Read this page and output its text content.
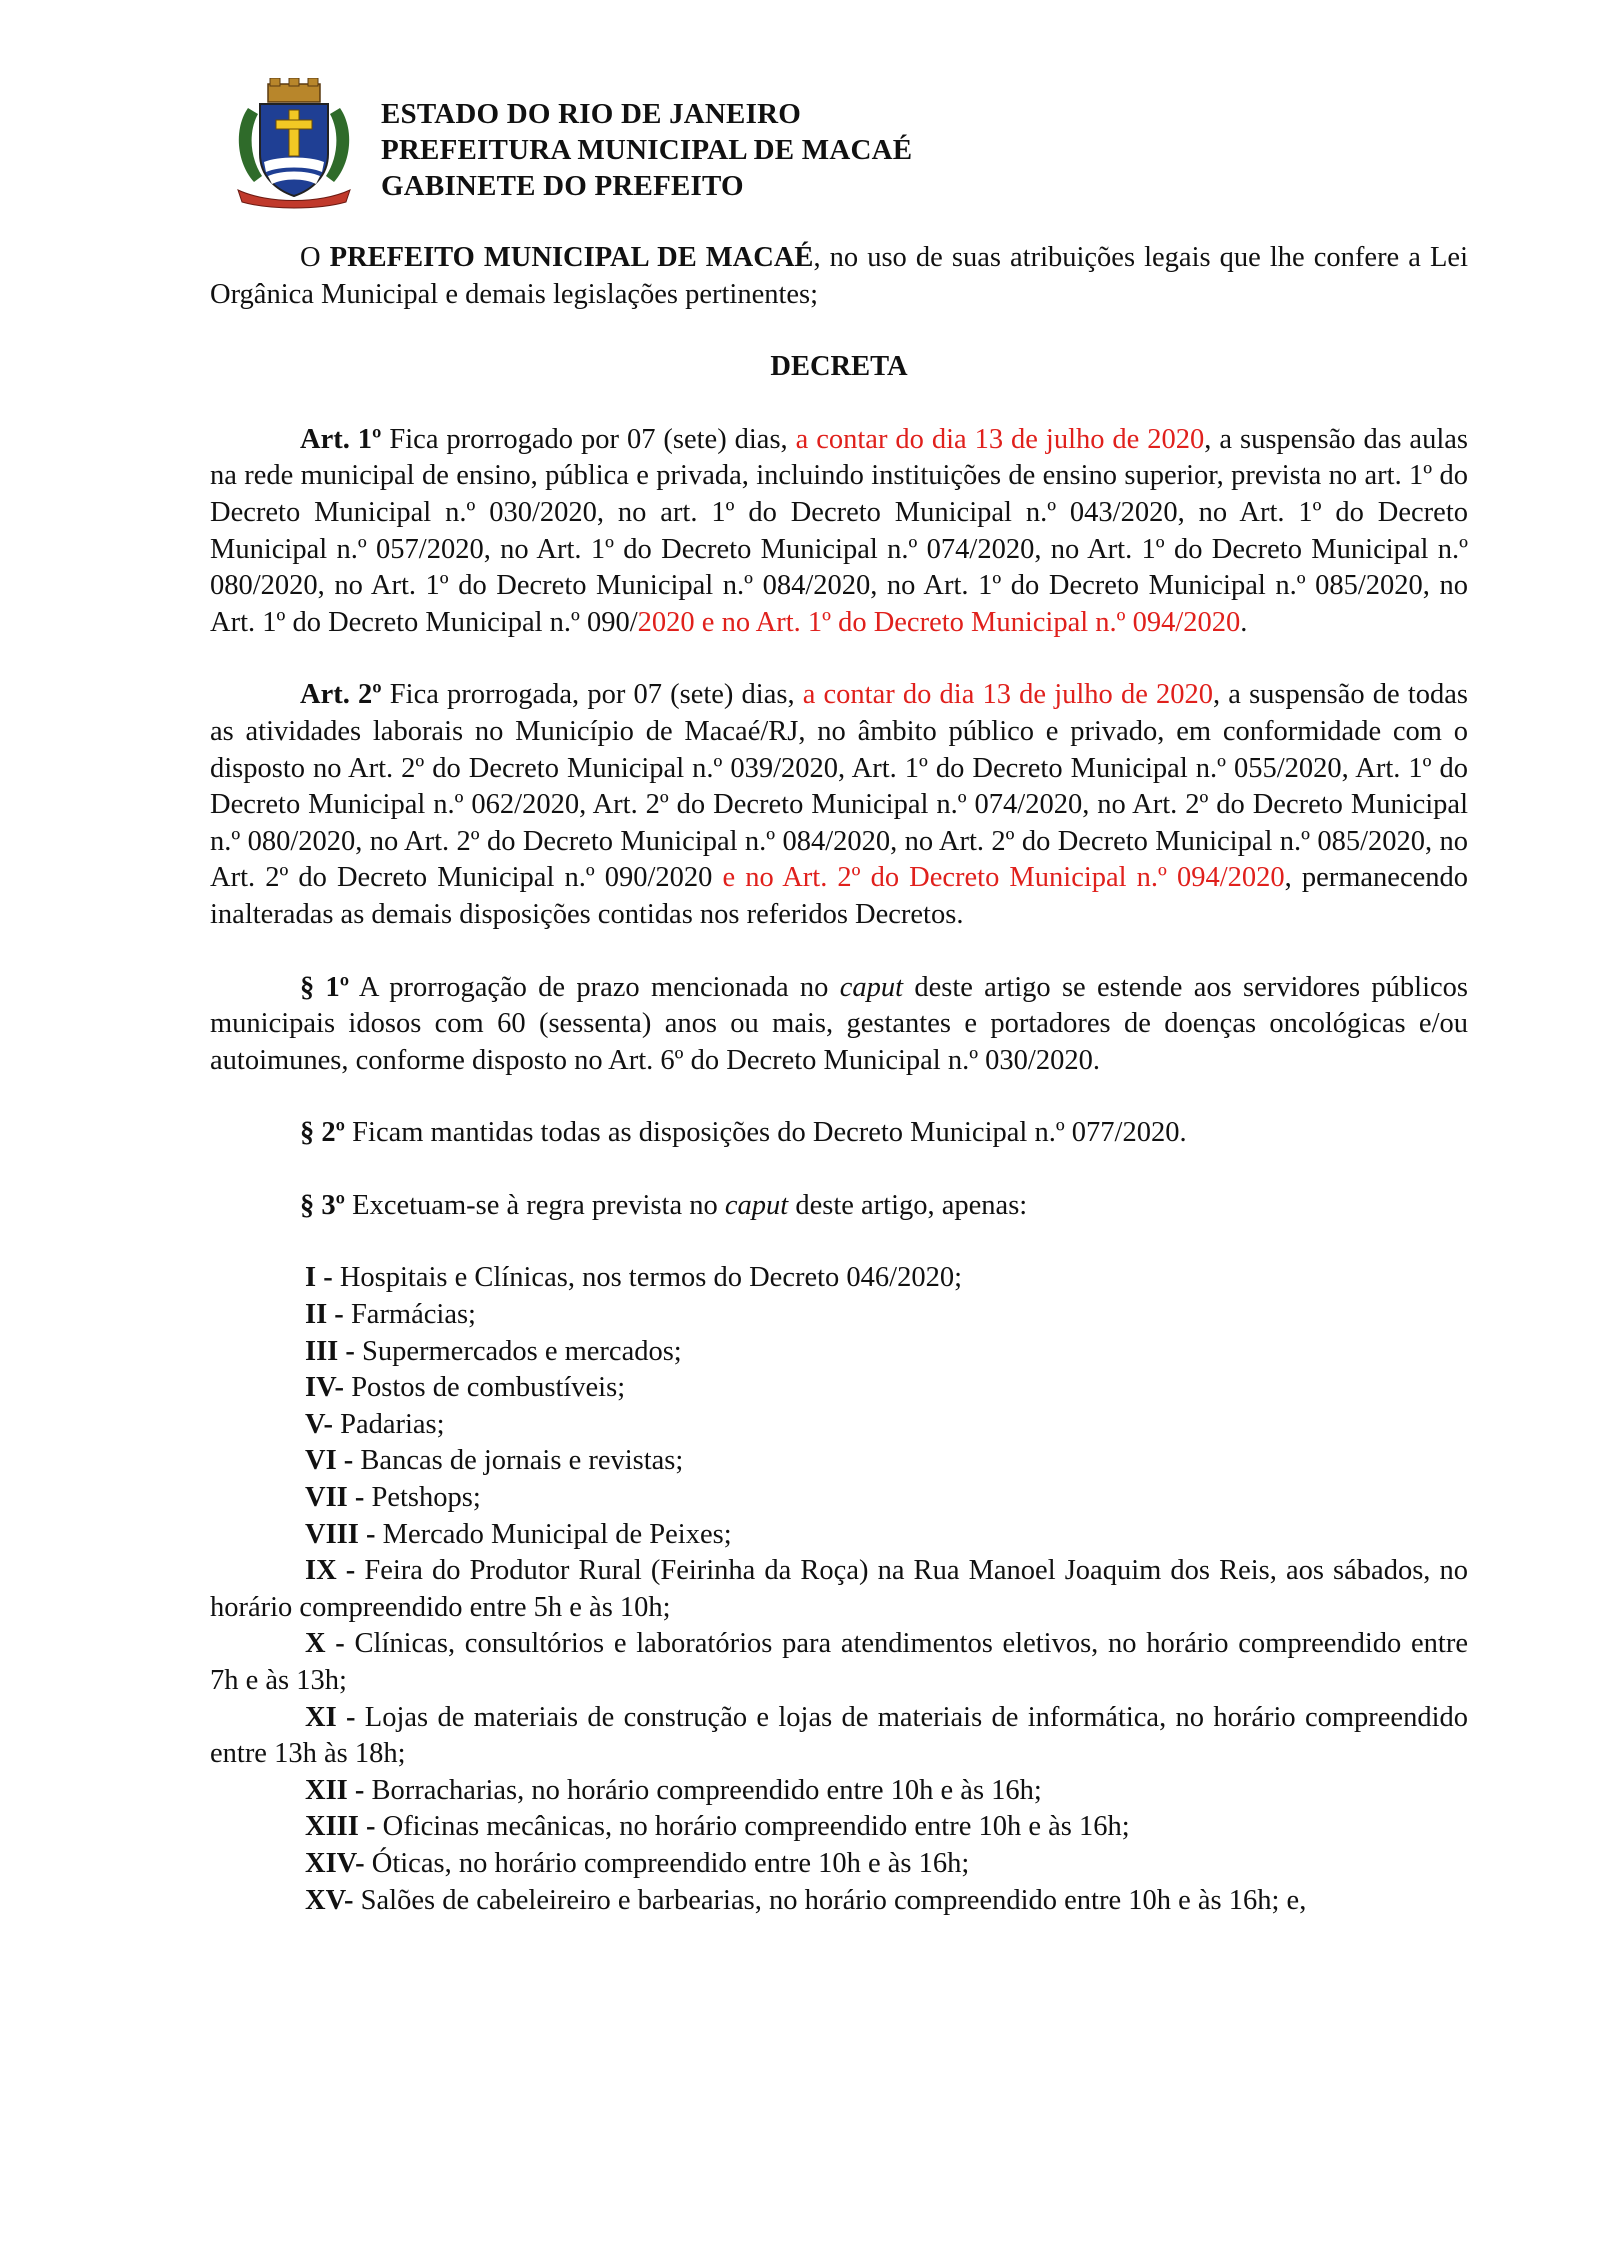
ESTADO DO RIO DE JANEIRO
PREFEITURA MUNICIPAL DE MACAÉ
GABINETE DO PREFEITO

O PREFEITO MUNICIPAL DE MACAÉ, no uso de suas atribuições legais que lhe confere a Lei Orgânica Municipal e demais legislações pertinentes;

DECRETA

Art. 1º Fica prorrogado por 07 (sete) dias, a contar do dia 13 de julho de 2020, a suspensão das aulas na rede municipal de ensino, pública e privada, incluindo instituições de ensino superior, prevista no art. 1º do Decreto Municipal n.º 030/2020, no art. 1º do Decreto Municipal n.º 043/2020, no Art. 1º do Decreto Municipal n.º 057/2020, no Art. 1º do Decreto Municipal n.º 074/2020, no Art. 1º do Decreto Municipal n.º 080/2020, no Art. 1º do Decreto Municipal n.º 084/2020, no Art. 1º do Decreto Municipal n.º 085/2020, no Art. 1º do Decreto Municipal n.º 090/2020 e no Art. 1º do Decreto Municipal n.º 094/2020.

Art. 2º Fica prorrogada, por 07 (sete) dias, a contar do dia 13 de julho de 2020, a suspensão de todas as atividades laborais no Município de Macaé/RJ, no âmbito público e privado, em conformidade com o disposto no Art. 2º do Decreto Municipal n.º 039/2020, Art. 1º do Decreto Municipal n.º 055/2020, Art. 1º do Decreto Municipal n.º 062/2020, Art. 2º do Decreto Municipal n.º 074/2020, no Art. 2º do Decreto Municipal n.º 080/2020, no Art. 2º do Decreto Municipal n.º 084/2020, no Art. 2º do Decreto Municipal n.º 085/2020, no Art. 2º do Decreto Municipal n.º 090/2020 e no Art. 2º do Decreto Municipal n.º 094/2020, permanecendo inalteradas as demais disposições contidas nos referidos Decretos.

§ 1º A prorrogação de prazo mencionada no caput deste artigo se estende aos servidores públicos municipais idosos com 60 (sessenta) anos ou mais, gestantes e portadores de doenças oncológicas e/ou autoimunes, conforme disposto no Art. 6º do Decreto Municipal n.º 030/2020.

§ 2º Ficam mantidas todas as disposições do Decreto Municipal n.º 077/2020.

§ 3º Excetuam-se à regra prevista no caput deste artigo, apenas:

I - Hospitais e Clínicas, nos termos do Decreto 046/2020;

II - Farmácias;

III - Supermercados e mercados;

IV- Postos de combustíveis;

V- Padarias;

VI - Bancas de jornais e revistas;

VII - Petshops;

VIII - Mercado Municipal de Peixes;

IX - Feira do Produtor Rural (Feirinha da Roça) na Rua Manoel Joaquim dos Reis, aos sábados, no horário compreendido entre 5h e às 10h;

X - Clínicas, consultórios e laboratórios para atendimentos eletivos, no horário compreendido entre 7h e às 13h;

XI - Lojas de materiais de construção e lojas de materiais de informática, no horário compreendido entre 13h às 18h;

XII - Borracharias, no horário compreendido entre 10h e às 16h;

XIII - Oficinas mecânicas, no horário compreendido entre 10h e às 16h;

XIV- Óticas, no horário compreendido entre 10h e às 16h;

XV- Salões de cabeleireiro e barbearias, no horário compreendido entre 10h e às 16h; e,
